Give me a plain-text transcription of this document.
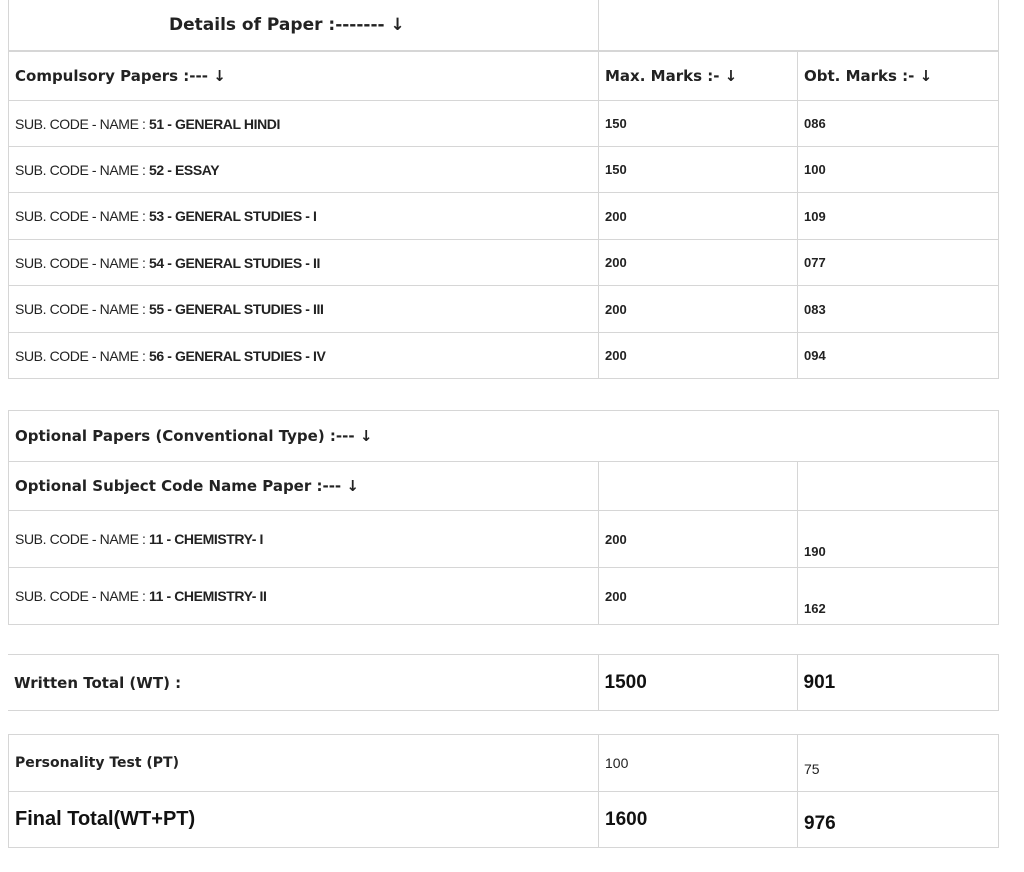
Details of Paper :------- ↓	
Compulsory Papers :--- ↓	Max. Marks :- ↓	Obt. Marks :- ↓
SUB. CODE - NAME : 51 - GENERAL HINDI	150	086
SUB. CODE - NAME : 52 - ESSAY	150	100
SUB. CODE - NAME : 53 - GENERAL STUDIES - I	200	109
SUB. CODE - NAME : 54 - GENERAL STUDIES - II	200	077
SUB. CODE - NAME : 55 - GENERAL STUDIES - III	200	083
SUB. CODE - NAME : 56 - GENERAL STUDIES - IV	200	094
Optional Papers (Conventional Type) :--- ↓		
Optional Subject Code Name Paper :--- ↓		
SUB. CODE - NAME : 11 - CHEMISTRY- I	200	190
SUB. CODE - NAME : 11 - CHEMISTRY- II	200	162
Written Total (WT) :	1500	901
Personality Test (PT)	100	75
Final Total(WT+PT)	1600	976
